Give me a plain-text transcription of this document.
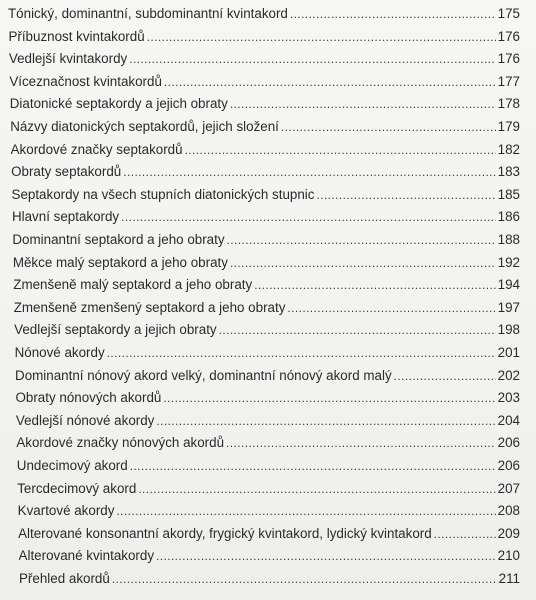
Tónický, dominantní, subdominantní kvintakord .....	175
Příbuznost kvintakordů .....	176
Vedlejší kvintakordy .....	176
Víceznačnost kvintakordů .....	177
Diatonické septakordy a jejich obraty .....	178
Názvy diatonických septakordů, jejich složení .....	179
Akordové značky septakordů .....	182
Obraty septakordů .....	183
Septakordy na všech stupních diatonických stupnic .....	185
Hlavní septakordy .....	186
Dominantní septakord a jeho obraty .....	188
Měkce malý septakord a jeho obraty .....	192
Zmenšeně malý septakord a jeho obraty .....	194
Zmenšeně zmenšený septakord a jeho obraty .....	197
Vedlejší septakordy a jejich obraty .....	198
Nónové akordy .....	201
Dominantní nónový akord velký, dominantní nónový akord malý .....	202
Obraty nónových akordů .....	203
Vedlejší nónové akordy .....	204
Akordové značky nónových akordů .....	206
Undecimový akord .....	206
Tercdecimový akord .....	207
Kvartové akordy .....	208
Alterované konsonantní akordy, frygický kvintakord, lydický kvintakord .....	209
Alterované kvintakordy .....	210
Přehled akordů .....	211
